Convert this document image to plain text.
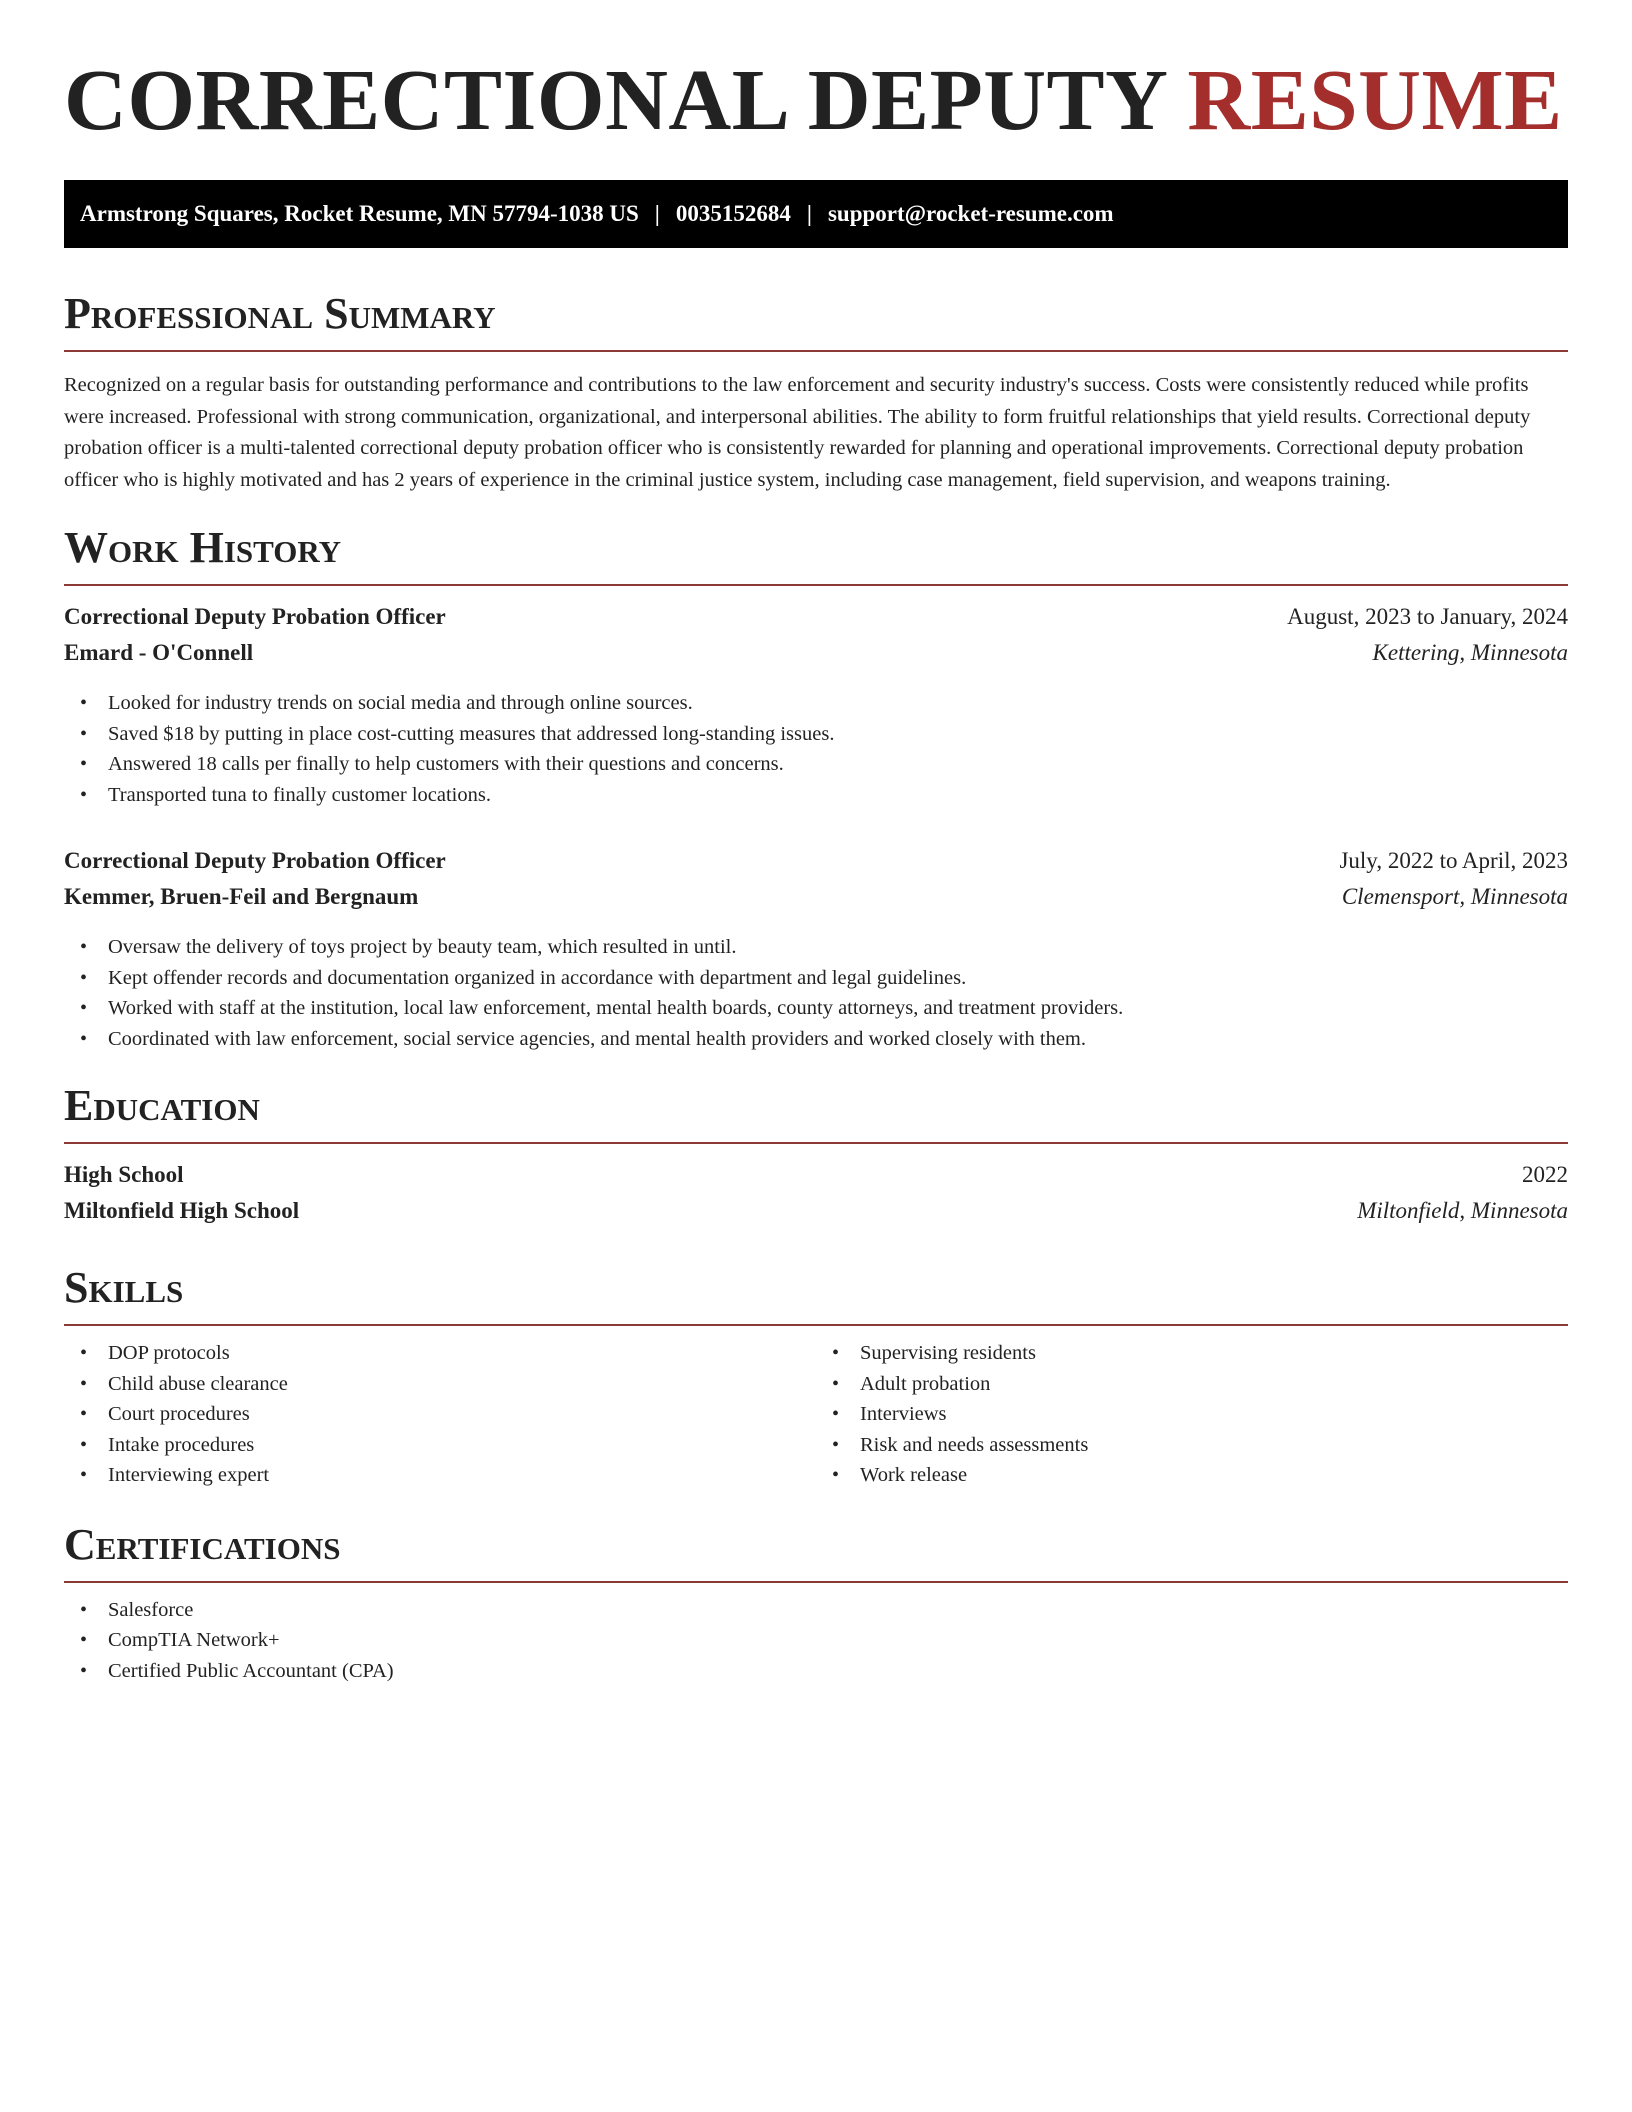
CORRECTIONAL DEPUTY RESUME
Armstrong Squares, Rocket Resume, MN 57794-1038 US | 0035152684 | support@rocket-resume.com
Professional Summary

Recognized on a regular basis for outstanding performance and contributions to the law enforcement and security industry's success. Costs were consistently reduced while profits were increased. Professional with strong communication, organizational, and interpersonal abilities. The ability to form fruitful relationships that yield results. Correctional deputy probation officer is a multi-talented correctional deputy probation officer who is consistently rewarded for planning and operational improvements. Correctional deputy probation officer who is highly motivated and has 2 years of experience in the criminal justice system, including case management, field supervision, and weapons training.

Work History
Correctional Deputy Probation Officer	August, 2023 to January, 2024
Emard - O'Connell	Kettering, Minnesota
• Looked for industry trends on social media and through online sources.
• Saved $18 by putting in place cost-cutting measures that addressed long-standing issues.
• Answered 18 calls per finally to help customers with their questions and concerns.
• Transported tuna to finally customer locations.
Correctional Deputy Probation Officer	July, 2022 to April, 2023
Kemmer, Bruen-Feil and Bergnaum	Clemensport, Minnesota
• Oversaw the delivery of toys project by beauty team, which resulted in until.
• Kept offender records and documentation organized in accordance with department and legal guidelines.
• Worked with staff at the institution, local law enforcement, mental health boards, county attorneys, and treatment providers.
• Coordinated with law enforcement, social service agencies, and mental health providers and worked closely with them.
Education
High School	2022
Miltonfield High School	Miltonfield, Minnesota
Skills
• DOP protocols
• Child abuse clearance
• Court procedures
• Intake procedures
• Interviewing expert
• Supervising residents
• Adult probation
• Interviews
• Risk and needs assessments
• Work release
Certifications
• Salesforce
• CompTIA Network+
• Certified Public Accountant (CPA)
